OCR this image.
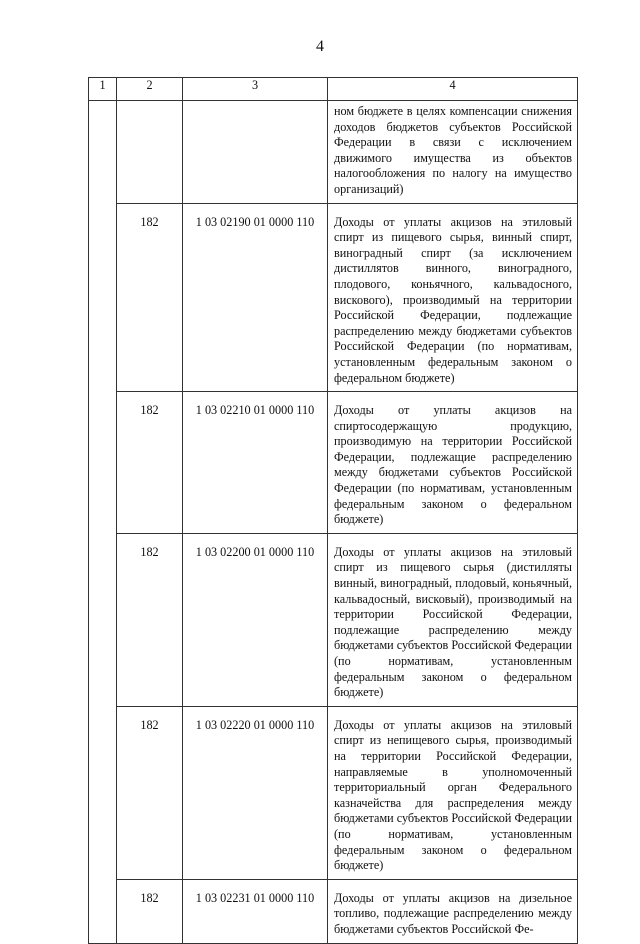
4
1	2	3	4
			ном бюджете в целях компенсации снижения доходов бюджетов субъектов Российской Федерации в связи с исключением движимого имущества из объектов налогообложения по налогу на имущество организаций)
	182	1 03 02190 01 0000 110	Доходы от уплаты акцизов на этиловый спирт из пищевого сырья, винный спирт, виноградный спирт (за исключением дистиллятов винного, виноградного, плодового, коньячного, кальвадосного, вискового), производимый на территории Российской Федерации, подлежащие распределению между бюджетами субъектов Российской Федерации (по нормативам, установленным федеральным законом о федеральном бюджете)
	182	1 03 02210 01 0000 110	Доходы от уплаты акцизов на спиртосодержащую продукцию, производимую на территории Российской Федерации, подлежащие распределению между бюджетами субъектов Российской Федерации (по нормативам, установленным федеральным законом о федеральном бюджете)
	182	1 03 02200 01 0000 110	Доходы от уплаты акцизов на этиловый спирт из пищевого сырья (дистилляты винный, виноградный, плодовый, коньячный, кальвадосный, висковый), производимый на территории Российской Федерации, подлежащие распределению между бюджетами субъектов Российской Федерации (по нормативам, установленным федеральным законом о федеральном бюджете)
	182	1 03 02220 01 0000 110	Доходы от уплаты акцизов на этиловый спирт из непищевого сырья, производимый на территории Российской Федерации, направляемые в уполномоченный территориальный орган Федерального казначейства для распределения между бюджетами субъектов Российской Федерации (по нормативам, установленным федеральным законом о федеральном бюджете)
	182	1 03 02231 01 0000 110	Доходы от уплаты акцизов на дизельное топливо, подлежащие распределению между бюджетами субъектов Российской Фе-
